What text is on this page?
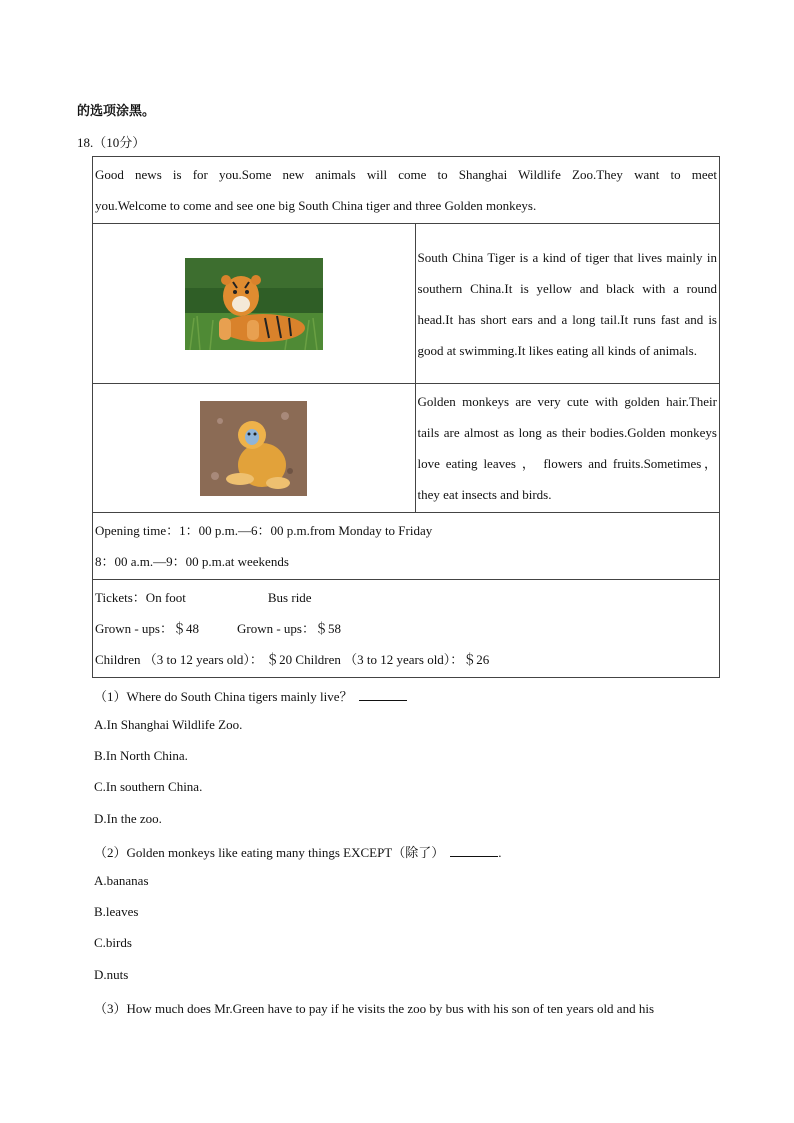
的选项涂黑。
18.（10分）
Good news is for you.Some new animals will come to Shanghai Wildlife Zoo.They want to meet
you.Welcome to come and see one big South China tiger and three Golden monkeys.	

South China Tiger is a kind of tiger that lives mainly in southern China.It is yellow and black with a round head.It has short ears and a long tail.It runs fast and is good at swimming.It likes eating all kinds of animals.

Golden monkeys are very cute with golden hair.Their tails are almost as long as their bodies.Golden monkeys love eating leaves ， flowers and fruits.Sometimes，they eat insects and birds.

Opening time：1：00 p.m.—6：00 p.m.from Monday to Friday
8：00 a.m.—9：00 p.m.at weekends	

Tickets：On foot Bus ride
Grown - ups：＄48 Grown - ups：＄58
Children （3 to 12 years old）： ＄20 Children （3 to 12 years old）：＄26	
（1）Where do South China tigers mainly live？
A.In Shanghai Wildlife Zoo.
B.In North China.
C.In southern China.
D.In the zoo.
（2）Golden monkeys like eating many things EXCEPT（除了）	.
A.bananas
B.leaves
C.birds
D.nuts
（3）How much does Mr.Green have to pay if he visits the zoo by bus with his son of ten years old and his
